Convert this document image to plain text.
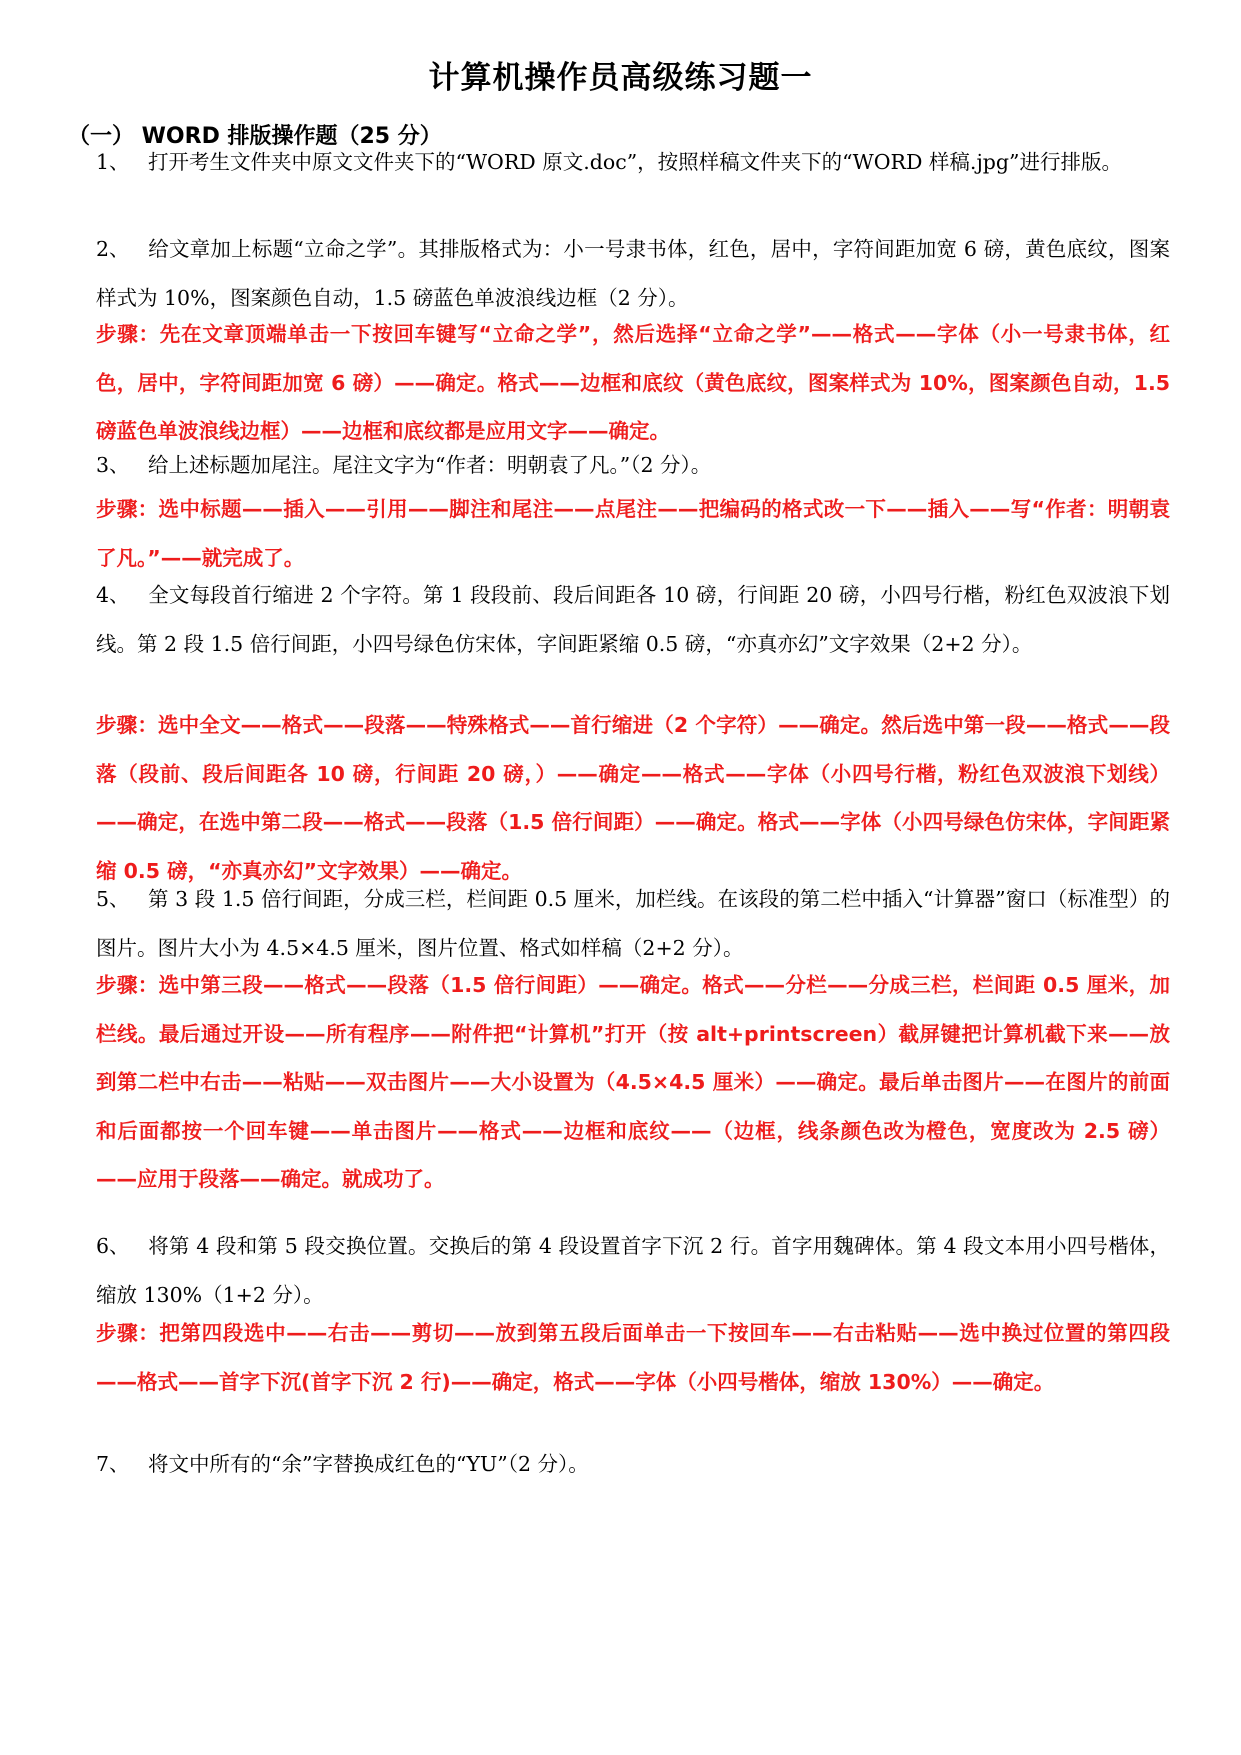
计算机操作员高级练习题一
（一） WORD 排版操作题（25 分）
1、 打开考生文件夹中原文文件夹下的“WORD 原文.doc”，按照样稿文件夹下的“WORD 样稿.jpg”进行排版。
2、 给文章加上标题“立命之学”。其排版格式为：小一号隶书体，红色，居中，字符间距加宽 6 磅，黄色底纹，图案样式为 10%，图案颜色自动，1.5 磅蓝色单波浪线边框（2 分）。
步骤：先在文章顶端单击一下按回车键写“立命之学”，然后选择“立命之学”——格式——字体（小一号隶书体，红色，居中，字符间距加宽 6 磅）——确定。格式——边框和底纹（黄色底纹，图案样式为 10%，图案颜色自动，1.5 磅蓝色单波浪线边框）——边框和底纹都是应用文字——确定。
3、 给上述标题加尾注。尾注文字为“作者：明朝袁了凡。”（2 分）。
步骤：选中标题——插入——引用——脚注和尾注——点尾注——把编码的格式改一下——插入——写“作者：明朝袁了凡。”——就完成了。
4、 全文每段首行缩进 2 个字符。第 1 段段前、段后间距各 10 磅，行间距 20 磅，小四号行楷，粉红色双波浪下划线。第 2 段 1.5 倍行间距，小四号绿色仿宋体，字间距紧缩 0.5 磅，“亦真亦幻”文字效果（2+2 分）。
步骤：选中全文——格式——段落——特殊格式——首行缩进（2 个字符）——确定。然后选中第一段——格式——段落（段前、段后间距各 10 磅，行间距 20 磅，）——确定——格式——字体（小四号行楷，粉红色双波浪下划线）——确定，在选中第二段——格式——段落（1.5 倍行间距）——确定。格式——字体（小四号绿色仿宋体，字间距紧缩 0.5 磅，“亦真亦幻”文字效果）——确定。
5、 第 3 段 1.5 倍行间距，分成三栏，栏间距 0.5 厘米，加栏线。在该段的第二栏中插入“计算器”窗口（标准型）的图片。图片大小为 4.5×4.5 厘米，图片位置、格式如样稿（2+2 分）。
步骤：选中第三段——格式——段落（1.5 倍行间距）——确定。格式——分栏——分成三栏，栏间距 0.5 厘米，加栏线。最后通过开设——所有程序——附件把“计算机”打开（按 alt+printscreen）截屏键把计算机截下来——放到第二栏中右击——粘贴——双击图片——大小设置为（4.5×4.5 厘米）——确定。最后单击图片——在图片的前面和后面都按一个回车键——单击图片——格式——边框和底纹——（边框，线条颜色改为橙色，宽度改为 2.5 磅）——应用于段落——确定。就成功了。
6、 将第 4 段和第 5 段交换位置。交换后的第 4 段设置首字下沉 2 行。首字用魏碑体。第 4 段文本用小四号楷体，缩放 130%（1+2 分）。
步骤：把第四段选中——右击——剪切——放到第五段后面单击一下按回车——右击粘贴——选中换过位置的第四段——格式——首字下沉(首字下沉 2 行)——确定，格式——字体（小四号楷体，缩放 130%）——确定。
7、 将文中所有的“余”字替换成红色的“YU”（2 分）。
